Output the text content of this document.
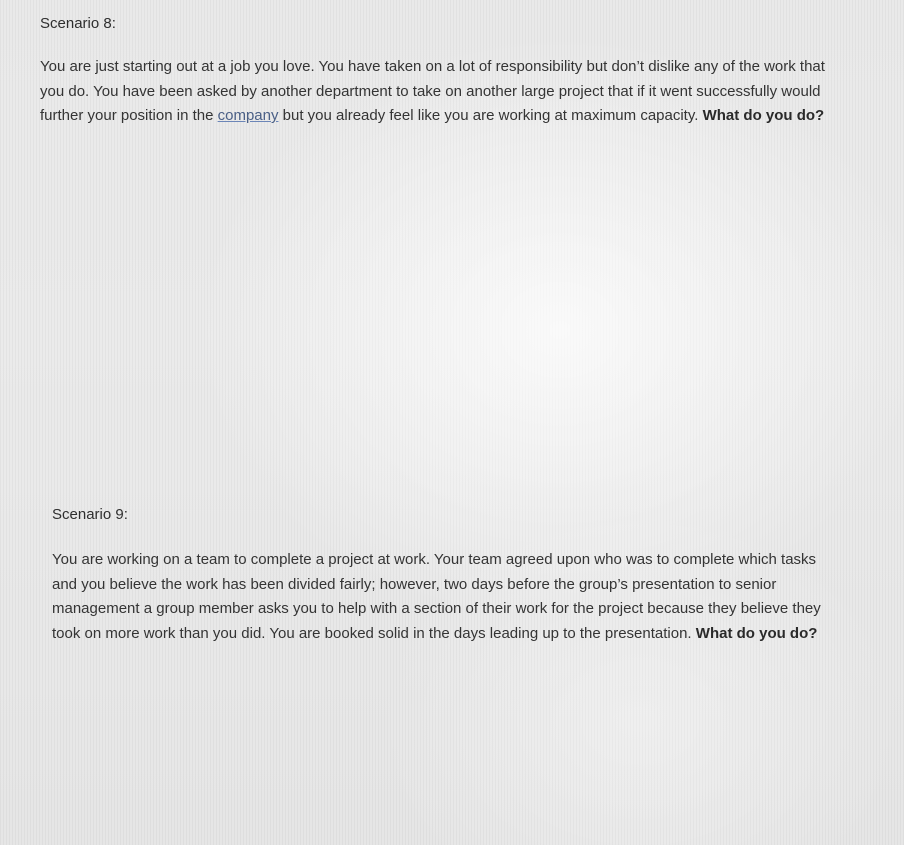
Scenario 8:

You are just starting out at a job you love. You have taken on a lot of responsibility but don’t dislike any of the work that you do. You have been asked by another department to take on another large project that if it went successfully would further your position in the company but you already feel like you are working at maximum capacity. What do you do?

Scenario 9:

You are working on a team to complete a project at work. Your team agreed upon who was to complete which tasks and you believe the work has been divided fairly; however, two days before the group’s presentation to senior management a group member asks you to help with a section of their work for the project because they believe they took on more work than you did. You are booked solid in the days leading up to the presentation. What do you do?
